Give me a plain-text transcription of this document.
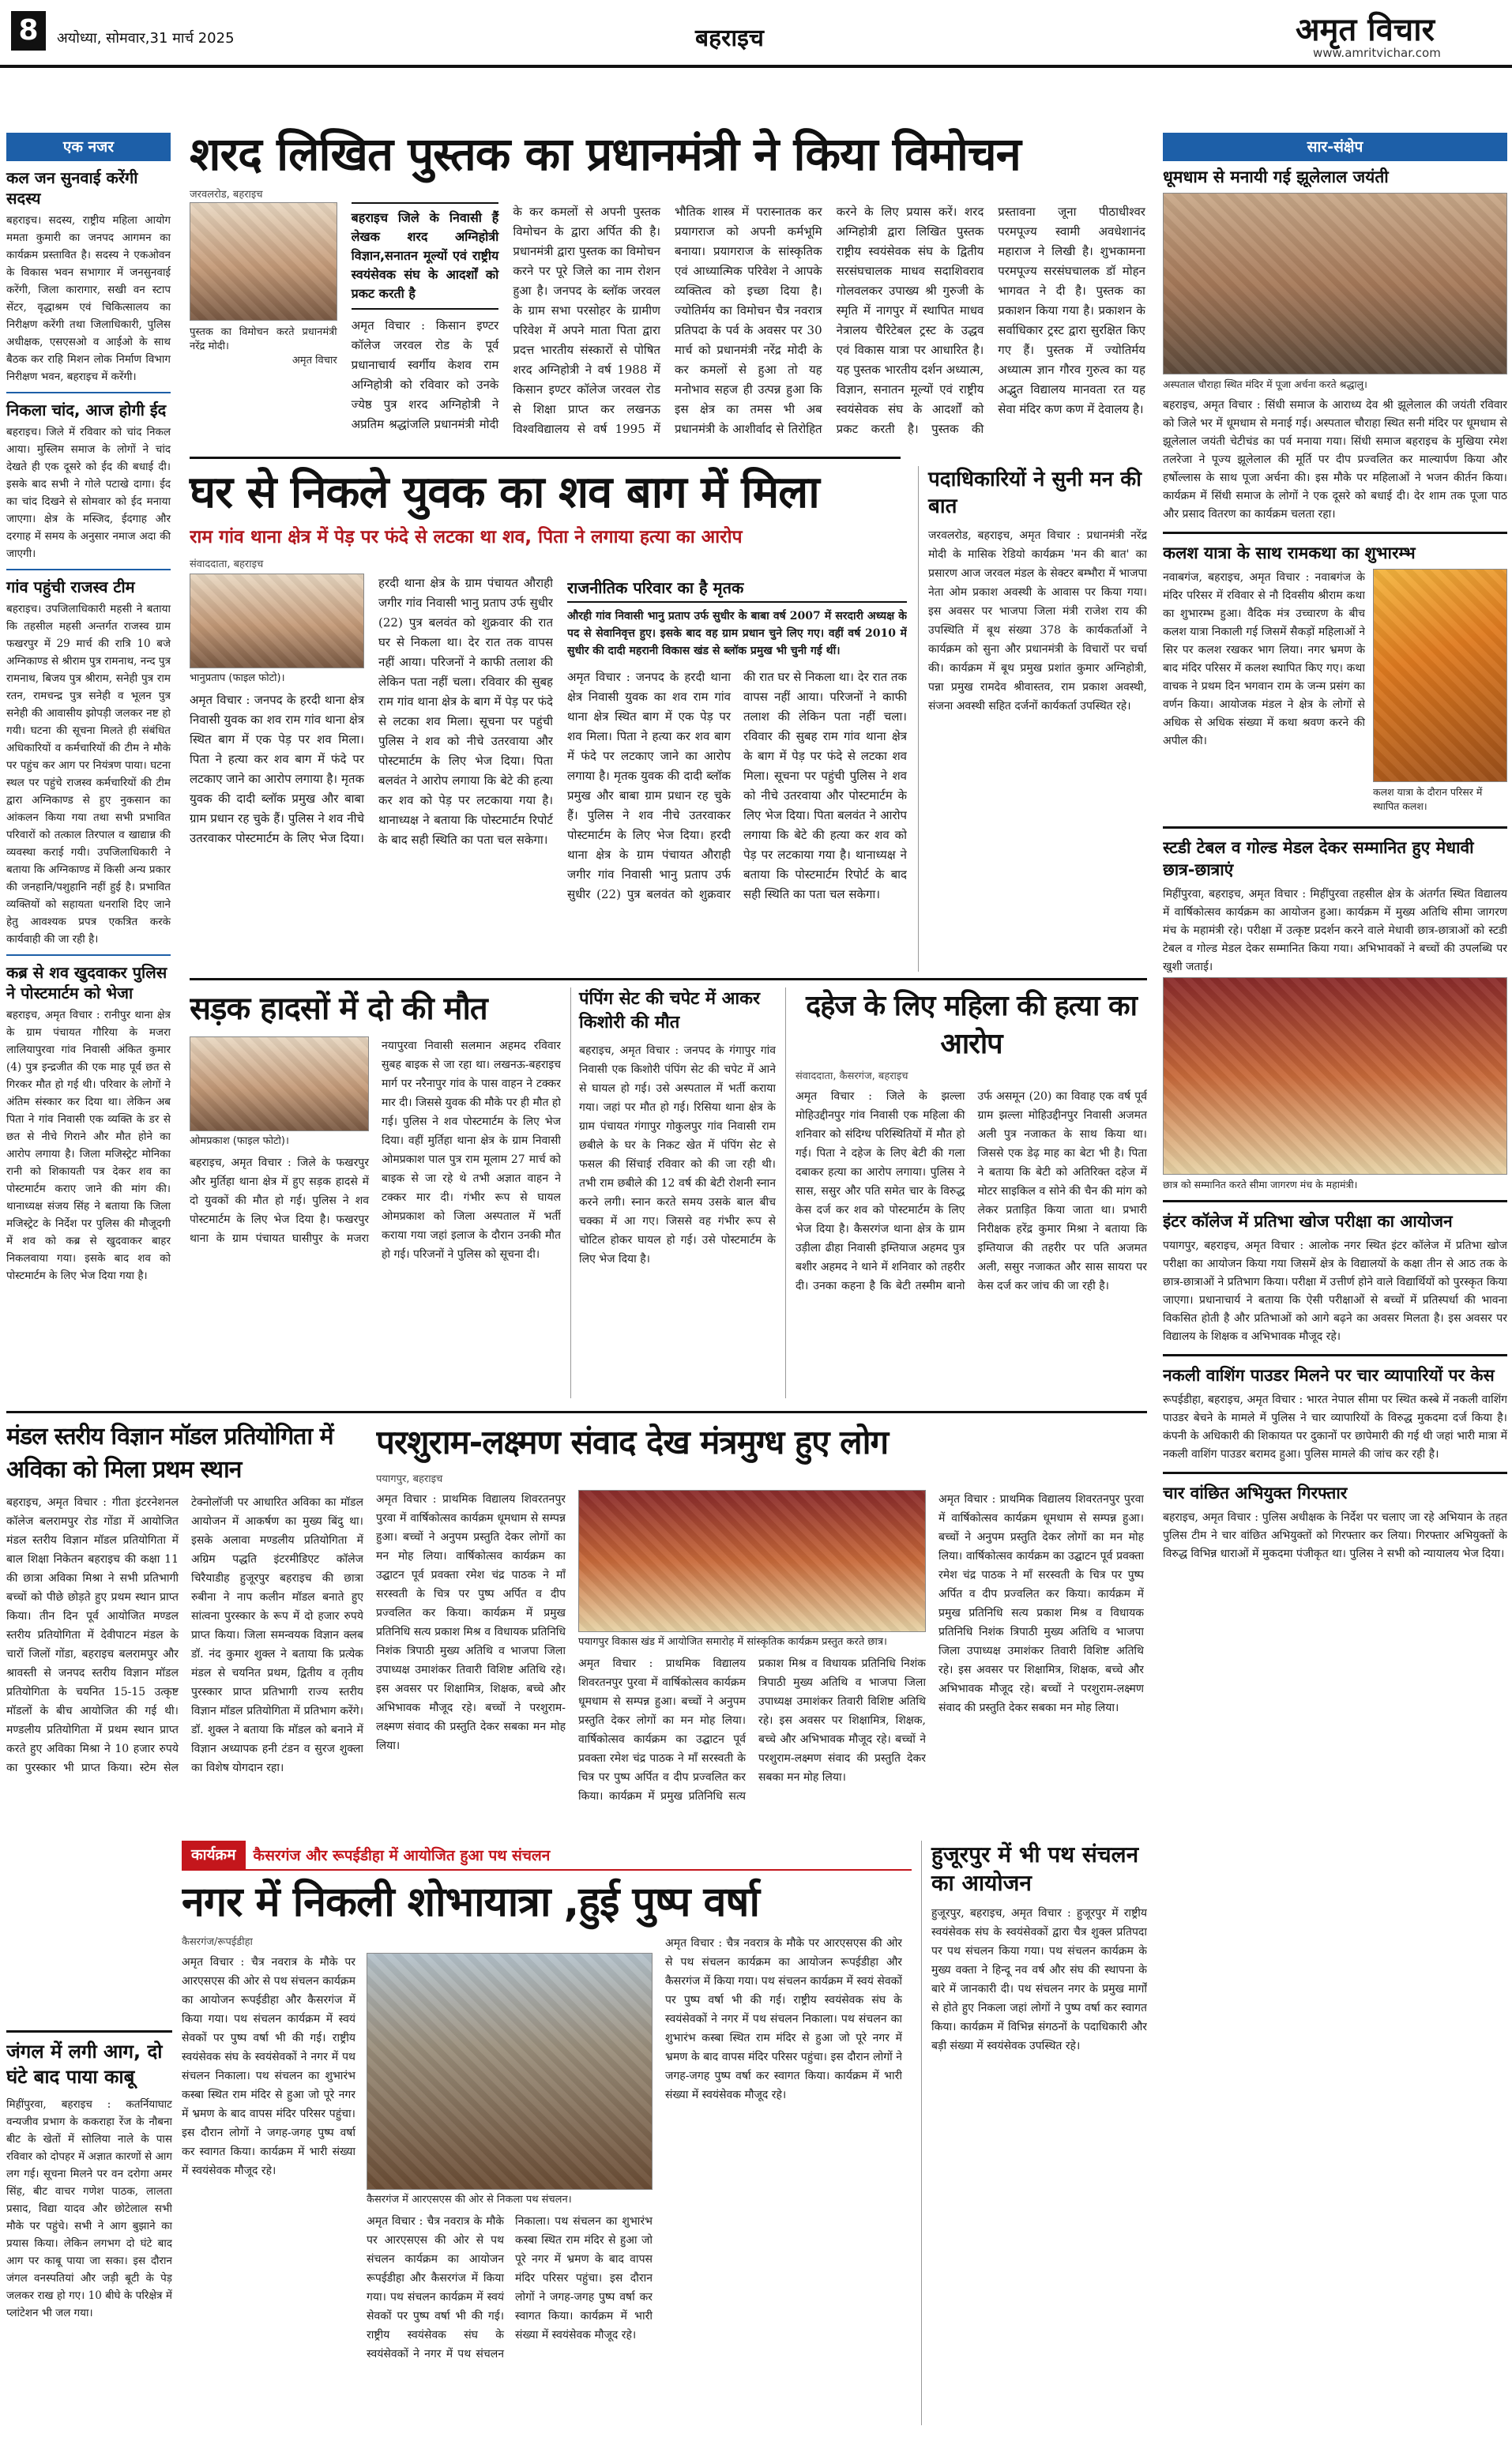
8	अयोध्या, सोमवार,31 मार्च 2025	बहराइच	अमृत विचार
www.amritvichar.com
एक नजर
कल जन सुनवाई करेंगी सदस्य
बहराइच। सदस्य, राष्ट्रीय महिला आयोग ममता कुमारी का जनपद आगमन का कार्यक्रम प्रस्तावित है। सदस्य ने एकओवन के विकास भवन सभागार में जनसुनवाई करेंगी, जिला कारागार, सखी वन स्टाप सेंटर, वृद्धाश्रम एवं चिकित्सालय का निरीक्षण करेंगी तथा जिलाधिकारी, पुलिस अधीक्षक, एसएसओ व आईओ के साथ बैठक कर राहि मिशन लोक निर्माण विभाग निरीक्षण भवन, बहराइच में करेंगी।
निकला चांद, आज होगी ईद
बहराइच। जिले में रविवार को चांद निकल आया। मुस्लिम समाज के लोगों ने चांद देखते ही एक दूसरे को ईद की बधाई दी। इसके बाद सभी ने गोले पटाखे दागा। ईद का चांद दिखने से सोमवार को ईद मनाया जाएगा। क्षेत्र के मस्जिद, ईदगाह और दरगाह में समय के अनुसार नमाज अदा की जाएगी।
गांव पहुंची राजस्व टीम
बहराइच। उपजिलाधिकारी महसी ने बताया कि तहसील महसी अन्तर्गत राजस्व ग्राम फखरपुर में 29 मार्च की रात्रि 10 बजे अग्निकाण्ड से श्रीराम पुत्र रामनाथ, नन्द पुत्र रामनाथ, बिजय पुत्र श्रीराम, सनेही पुत्र राम रतन, रामचन्द्र पुत्र सनेही व भूलन पुत्र सनेही की आवासीय झोपड़ी जलकर नष्ट हो गयी। घटना की सूचना मिलते ही संबंधित अधिकारियों व कर्मचारियों की टीम ने मौके पर पहुंच कर आग पर नियंत्रण पाया। घटना स्थल पर पहुंचे राजस्व कर्मचारियों की टीम द्वारा अग्निकाण्ड से हुए नुकसान का आंकलन किया गया तथा सभी प्रभावित परिवारों को तत्काल तिरपाल व खाद्यान्न की व्यवस्था कराई गयी। उपजिलाधिकारी ने बताया कि अग्निकाण्ड में किसी अन्य प्रकार की जनहानि/पशुहानि नहीं हुई है। प्रभावित व्यक्तियों को सहायता धनराशि दिए जाने हेतु आवश्यक प्रपत्र एकत्रित करके कार्यवाही की जा रही है।
कब्र से शव खुदवाकर पुलिस ने पोस्टमार्टम को भेजा
बहराइच, अमृत विचार : रानीपुर थाना क्षेत्र के ग्राम पंचायत गौरिया के मजरा लालियापुरवा गांव निवासी अंकित कुमार (4) पुत्र इन्द्रजीत की एक माह पूर्व छत से गिरकर मौत हो गई थी। परिवार के लोगों ने अंतिम संस्कार कर दिया था। लेकिन अब पिता ने गांव निवासी एक व्यक्ति के डर से छत से नीचे गिराने और मौत होने का आरोप लगाया है। जिला मजिस्ट्रेट मोनिका रानी को शिकायती पत्र देकर शव का पोस्टमार्टम कराए जाने की मांग की। थानाध्यक्ष संजय सिंह ने बताया कि जिला मजिस्ट्रेट के निर्देश पर पुलिस की मौजूदगी में शव को कब्र से खुदवाकर बाहर निकलवाया गया। इसके बाद शव को पोस्टमार्टम के लिए भेज दिया गया है।
शरद लिखित पुस्तक का प्रधानमंत्री ने किया विमोचन
जरवलरोड, बहराइच
पुस्तक का विमोचन करते प्रधानमंत्री नरेंद्र मोदी।
अमृत विचार
बहराइच जिले के निवासी हैं लेखक शरद अग्निहोत्री विज्ञान,सनातन मूल्यों एवं राष्ट्रीय स्वयंसेवक संघ के आदर्शों को प्रकट करती है
अमृत विचार : किसान इण्टर कॉलेज जरवल रोड के पूर्व प्रधानाचार्य स्वर्गीय केशव राम अग्निहोत्री को रविवार को उनके ज्येष्ठ पुत्र शरद अग्निहोत्री ने अप्रतिम श्रद्धांजलि प्रधानमंत्री मोदी के कर कमलों से अपनी पुस्तक विमोचन के द्वारा अर्पित की है। प्रधानमंत्री द्वारा पुस्तक का विमोचन करने पर पूरे जिले का नाम रोशन हुआ है। जनपद के ब्लॉक जरवल के ग्राम सभा परसोहर के ग्रामीण परिवेश में अपने माता पिता द्वारा प्रदत्त भारतीय संस्कारों से पोषित शरद अग्निहोत्री ने वर्ष 1988 में किसान इण्टर कॉलेज जरवल रोड से शिक्षा प्राप्त कर लखनऊ विश्वविद्यालय से वर्ष 1995 में भौतिक शास्त्र में परास्नातक कर प्रयागराज को अपनी कर्मभूमि बनाया। प्रयागराज के सांस्कृतिक एवं आध्यात्मिक परिवेश ने आपके व्यक्तित्व को इच्छा दिया है। ज्योतिर्मय का विमोचन चैत्र नवरात्र प्रतिपदा के पर्व के अवसर पर 30 मार्च को प्रधानमंत्री नरेंद्र मोदी के कर कमलों से हुआ तो यह मनोभाव सहज ही उत्पन्न हुआ कि इस क्षेत्र का तमस भी अब प्रधानमंत्री के आशीर्वाद से तिरोहित करने के लिए प्रयास करें। शरद अग्निहोत्री द्वारा लिखित पुस्तक राष्ट्रीय स्वयंसेवक संघ के द्वितीय सरसंघचालक माधव सदाशिवराव गोलवलकर उपाख्य श्री गुरुजी के स्मृति में नागपुर में स्थापित माधव नेत्रालय चैरिटेबल ट्रस्ट के उद्धव एवं विकास यात्रा पर आधारित है। यह पुस्तक भारतीय दर्शन अध्यात्म, विज्ञान, सनातन मूल्यों एवं राष्ट्रीय स्वयंसेवक संघ के आदर्शों को प्रकट करती है। पुस्तक की प्रस्तावना जूना पीठाधीश्वर परमपूज्य स्वामी अवधेशानंद महाराज ने लिखी है। शुभकामना परमपूज्य सरसंघचालक डॉ मोहन भागवत ने दी है। पुस्तक का प्रकाशन किया गया है। प्रकाशन के सर्वाधिकार ट्रस्ट द्वारा सुरक्षित किए गए हैं। पुस्तक में ज्योतिर्मय अध्यात्म ज्ञान गौरव गुरुत्व का यह अद्भुत विद्यालय मानवता रत यह सेवा मंदिर कण कण में देवालय है।
घर से निकले युवक का शव बाग में मिला
राम गांव थाना क्षेत्र में पेड़ पर फंदे से लटका था शव, पिता ने लगाया हत्या का आरोप
संवाददाता, बहराइच
भानुप्रताप (फाइल फोटो)।
अमृत विचार : जनपद के हरदी थाना क्षेत्र निवासी युवक का शव राम गांव थाना क्षेत्र स्थित बाग में एक पेड़ पर शव मिला। पिता ने हत्या कर शव बाग में फंदे पर लटकाए जाने का आरोप लगाया है। मृतक युवक की दादी ब्लॉक प्रमुख और बाबा ग्राम प्रधान रह चुके हैं। पुलिस ने शव नीचे उतरवाकर पोस्टमार्टम के लिए भेज दिया। हरदी थाना क्षेत्र के ग्राम पंचायत औराही जगीर गांव निवासी भानु प्रताप उर्फ सुधीर (22) पुत्र बलवंत को शुक्रवार की रात घर से निकला था। देर रात तक वापस नहीं आया। परिजनों ने काफी तलाश की लेकिन पता नहीं चला। रविवार की सुबह राम गांव थाना क्षेत्र के बाग में पेड़ पर फंदे से लटका शव मिला। सूचना पर पहुंची पुलिस ने शव को नीचे उतरवाया और पोस्टमार्टम के लिए भेज दिया। पिता बलवंत ने आरोप लगाया कि बेटे की हत्या कर शव को पेड़ पर लटकाया गया है। थानाध्यक्ष ने बताया कि पोस्टमार्टम रिपोर्ट के बाद सही स्थिति का पता चल सकेगा।
राजनीतिक परिवार का है मृतक
औरही गांव निवासी भानु प्रताप उर्फ सुधीर के बाबा वर्ष 2007 में सरदारी अध्यक्ष के पद से सेवानिवृत्त हुए। इसके बाद वह ग्राम प्रधान चुने लिए गए। वहीं वर्ष 2010 में सुधीर की दादी महरानी विकास खंड से ब्लॉक प्रमुख भी चुनी गई थीं।
अमृत विचार : जनपद के हरदी थाना क्षेत्र निवासी युवक का शव राम गांव थाना क्षेत्र स्थित बाग में एक पेड़ पर शव मिला। पिता ने हत्या कर शव बाग में फंदे पर लटकाए जाने का आरोप लगाया है। मृतक युवक की दादी ब्लॉक प्रमुख और बाबा ग्राम प्रधान रह चुके हैं। पुलिस ने शव नीचे उतरवाकर पोस्टमार्टम के लिए भेज दिया। हरदी थाना क्षेत्र के ग्राम पंचायत औराही जगीर गांव निवासी भानु प्रताप उर्फ सुधीर (22) पुत्र बलवंत को शुक्रवार की रात घर से निकला था। देर रात तक वापस नहीं आया। परिजनों ने काफी तलाश की लेकिन पता नहीं चला। रविवार की सुबह राम गांव थाना क्षेत्र के बाग में पेड़ पर फंदे से लटका शव मिला। सूचना पर पहुंची पुलिस ने शव को नीचे उतरवाया और पोस्टमार्टम के लिए भेज दिया। पिता बलवंत ने आरोप लगाया कि बेटे की हत्या कर शव को पेड़ पर लटकाया गया है। थानाध्यक्ष ने बताया कि पोस्टमार्टम रिपोर्ट के बाद सही स्थिति का पता चल सकेगा।
पदाधिकारियों ने सुनी मन की बात
जरवलरोड, बहराइच, अमृत विचार : प्रधानमंत्री नरेंद्र मोदी के मासिक रेडियो कार्यक्रम 'मन की बात' का प्रसारण आज जरवल मंडल के सेक्टर बम्भौरा में भाजपा नेता ओम प्रकाश अवस्थी के आवास पर किया गया। इस अवसर पर भाजपा जिला मंत्री राजेश राय की उपस्थिति में बूथ संख्या 378 के कार्यकर्ताओं ने कार्यक्रम को सुना और प्रधानमंत्री के विचारों पर चर्चा की। कार्यक्रम में बूथ प्रमुख प्रशांत कुमार अग्निहोत्री, पन्ना प्रमुख रामदेव श्रीवास्तव, राम प्रकाश अवस्थी, संजना अवस्थी सहित दर्जनों कार्यकर्ता उपस्थित रहे।
सार-संक्षेप
धूमधाम से मनायी गई झूलेलाल जयंती
अस्पताल चौराहा स्थित मंदिर में पूजा अर्चना करते श्रद्धालु।
बहराइच, अमृत विचार : सिंधी समाज के आराध्य देव श्री झूलेलाल की जयंती रविवार को जिले भर में धूमधाम से मनाई गई। अस्पताल चौराहा स्थित सनी मंदिर पर धूमधाम से झूलेलाल जयंती चेटीचंड का पर्व मनाया गया। सिंधी समाज बहराइच के मुखिया रमेश तलरेजा ने पूज्य झूलेलाल की मूर्ति पर दीप प्रज्वलित कर माल्यार्पण किया और हर्षोल्लास के साथ पूजा अर्चना की। इस मौके पर महिलाओं ने भजन कीर्तन किया। कार्यक्रम में सिंधी समाज के लोगों ने एक दूसरे को बधाई दी। देर शाम तक पूजा पाठ और प्रसाद वितरण का कार्यक्रम चलता रहा।
कलश यात्रा के साथ रामकथा का शुभारम्भ
नवाबगंज, बहराइच, अमृत विचार : नवाबगंज के मंदिर परिसर में रविवार से नौ दिवसीय श्रीराम कथा का शुभारम्भ हुआ। वैदिक मंत्र उच्चारण के बीच कलश यात्रा निकाली गई जिसमें सैकड़ों महिलाओं ने सिर पर कलश रखकर भाग लिया। नगर भ्रमण के बाद मंदिर परिसर में कलश स्थापित किए गए। कथा वाचक ने प्रथम दिन भगवान राम के जन्म प्रसंग का वर्णन किया। आयोजक मंडल ने क्षेत्र के लोगों से अधिक से अधिक संख्या में कथा श्रवण करने की अपील की।
कलश यात्रा के दौरान परिसर में स्थापित कलश।
स्टडी टेबल व गोल्ड मेडल देकर सम्मानित हुए मेधावी छात्र-छात्राएं
मिहींपुरवा, बहराइच, अमृत विचार : मिहींपुरवा तहसील क्षेत्र के अंतर्गत स्थित विद्यालय में वार्षिकोत्सव कार्यक्रम का आयोजन हुआ। कार्यक्रम में मुख्य अतिथि सीमा जागरण मंच के महामंत्री रहे। परीक्षा में उत्कृष्ट प्रदर्शन करने वाले मेधावी छात्र-छात्राओं को स्टडी टेबल व गोल्ड मेडल देकर सम्मानित किया गया। अभिभावकों ने बच्चों की उपलब्धि पर खुशी जताई।
छात्र को सम्मानित करते सीमा जागरण मंच के महामंत्री।
इंटर कॉलेज में प्रतिभा खोज परीक्षा का आयोजन
पयागपुर, बहराइच, अमृत विचार : आलोक नगर स्थित इंटर कॉलेज में प्रतिभा खोज परीक्षा का आयोजन किया गया जिसमें क्षेत्र के विद्यालयों के कक्षा तीन से आठ तक के छात्र-छात्राओं ने प्रतिभाग किया। परीक्षा में उत्तीर्ण होने वाले विद्यार्थियों को पुरस्कृत किया जाएगा। प्रधानाचार्य ने बताया कि ऐसी परीक्षाओं से बच्चों में प्रतिस्पर्धा की भावना विकसित होती है और प्रतिभाओं को आगे बढ़ने का अवसर मिलता है। इस अवसर पर विद्यालय के शिक्षक व अभिभावक मौजूद रहे।
नकली वाशिंग पाउडर मिलने पर चार व्यापारियों पर केस
रूपईडीहा, बहराइच, अमृत विचार : भारत नेपाल सीमा पर स्थित कस्बे में नकली वाशिंग पाउडर बेचने के मामले में पुलिस ने चार व्यापारियों के विरुद्ध मुकदमा दर्ज किया है। कंपनी के अधिकारी की शिकायत पर दुकानों पर छापेमारी की गई थी जहां भारी मात्रा में नकली वाशिंग पाउडर बरामद हुआ। पुलिस मामले की जांच कर रही है।
चार वांछित अभियुक्त गिरफ्तार
बहराइच, अमृत विचार : पुलिस अधीक्षक के निर्देश पर चलाए जा रहे अभियान के तहत पुलिस टीम ने चार वांछित अभियुक्तों को गिरफ्तार कर लिया। गिरफ्तार अभियुक्तों के विरुद्ध विभिन्न धाराओं में मुकदमा पंजीकृत था। पुलिस ने सभी को न्यायालय भेज दिया।
सड़क हादसों में दो की मौत
ओमप्रकाश (फाइल फोटो)।
बहराइच, अमृत विचार : जिले के फखरपुर और मुर्तिहा थाना क्षेत्र में हुए सड़क हादसे में दो युवकों की मौत हो गई। पुलिस ने शव पोस्टमार्टम के लिए भेज दिया है। फखरपुर थाना के ग्राम पंचायत घासीपुर के मजरा नयापुरवा निवासी सलमान अहमद रविवार सुबह बाइक से जा रहा था। लखनऊ-बहराइच मार्ग पर नरैनापुर गांव के पास वाहन ने टक्कर मार दी। जिससे युवक की मौके पर ही मौत हो गई। पुलिस ने शव पोस्टमार्टम के लिए भेज दिया। वहीं मुर्तिहा थाना क्षेत्र के ग्राम निवासी ओमप्रकाश पाल पुत्र राम मूलाम 27 मार्च को बाइक से जा रहे थे तभी अज्ञात वाहन ने टक्कर मार दी। गंभीर रूप से घायल ओमप्रकाश को जिला अस्पताल में भर्ती कराया गया जहां इलाज के दौरान उनकी मौत हो गई। परिजनों ने पुलिस को सूचना दी।
पंपिंग सेट की चपेट में आकर किशोरी की मौत
बहराइच, अमृत विचार : जनपद के गंगापुर गांव निवासी एक किशोरी पंपिंग सेट की चपेट में आने से घायल हो गई। उसे अस्पताल में भर्ती कराया गया। जहां पर मौत हो गई। रिसिया थाना क्षेत्र के ग्राम पंचायत गंगापुर गोकुलपुर गांव निवासी राम छबीले के घर के निकट खेत में पंपिंग सेट से फसल की सिंचाई रविवार को की जा रही थी। तभी राम छबीले की 12 वर्ष की बेटी रोशनी स्नान करने लगी। स्नान करते समय उसके बाल बीच चक्का में आ गए। जिससे वह गंभीर रूप से चोटिल होकर घायल हो गई। उसे पोस्टमार्टम के लिए भेज दिया है।
दहेज के लिए महिला की हत्या का आरोप
संवाददाता, कैसरगंज, बहराइच
अमृत विचार : जिले के झल्ला मोहिउद्दीनपुर गांव निवासी एक महिला की शनिवार को संदिग्ध परिस्थितियों में मौत हो गई। पिता ने दहेज के लिए बेटी की गला दबाकर हत्या का आरोप लगाया। पुलिस ने सास, ससुर और पति समेत चार के विरुद्ध केस दर्ज कर शव को पोस्टमार्टम के लिए भेज दिया है। कैसरगंज थाना क्षेत्र के ग्राम उड़ीला ढीहा निवासी इम्तियाज अहमद पुत्र बशीर अहमद ने थाने में शनिवार को तहरीर दी। उनका कहना है कि बेटी तस्मीम बानो उर्फ असमून (20) का विवाह एक वर्ष पूर्व ग्राम झल्ला मोहिउद्दीनपुर निवासी अजमत अली पुत्र नजाकत के साथ किया था। जिससे एक डेढ़ माह का बेटा भी है। पिता ने बताया कि बेटी को अतिरिक्त दहेज में मोटर साइकिल व सोने की चैन की मांग को लेकर प्रताड़ित किया जाता था। प्रभारी निरीक्षक हरेंद्र कुमार मिश्रा ने बताया कि इम्तियाज की तहरीर पर पति अजमत अली, ससुर नजाकत और सास सायरा पर केस दर्ज कर जांच की जा रही है।
मंडल स्तरीय विज्ञान मॉडल प्रतियोगिता में अविका को मिला प्रथम स्थान
बहराइच, अमृत विचार : गीता इंटरनेशनल कॉलेज बलरामपुर रोड गोंडा में आयोजित मंडल स्तरीय विज्ञान मॉडल प्रतियोगिता में बाल शिक्षा निकेतन बहराइच की कक्षा 11 की छात्रा अविका मिश्रा ने सभी प्रतिभागी बच्चों को पीछे छोड़ते हुए प्रथम स्थान प्राप्त किया। तीन दिन पूर्व आयोजित मण्डल स्तरीय प्रतियोगिता में देवीपाटन मंडल के चारों जिलों गोंडा, बहराइच बलरामपुर और श्रावस्ती से जनपद स्तरीय विज्ञान मॉडल प्रतियोगिता के चयनित 15-15 उत्कृष्ट मॉडलों के बीच आयोजित की गई थी। मण्डलीय प्रतियोगिता में प्रथम स्थान प्राप्त करते हुए अविका मिश्रा ने 10 हजार रुपये का पुरस्कार भी प्राप्त किया। स्टेम सेल टेक्नोलॉजी पर आधारित अविका का मॉडल आयोजन में आकर्षण का मुख्य बिंदु था। इसके अलावा मण्डलीय प्रतियोगिता में अग्रिम पद्धति इंटरमीडिएट कॉलेज चिरैयाडीह हुजूरपुर बहराइच की छात्रा रुबीना ने नाप कलीन मॉडल बनाते हुए सांत्वना पुरस्कार के रूप में दो हजार रुपये प्राप्त किया। जिला समन्वयक विज्ञान क्लब डॉ. नंद कुमार शुक्ल ने बताया कि प्रत्येक मंडल से चयनित प्रथम, द्वितीय व तृतीय पुरस्कार प्राप्त प्रतिभागी राज्य स्तरीय विज्ञान मॉडल प्रतियोगिता में प्रतिभाग करेंगे। डॉ. शुक्ल ने बताया कि मॉडल को बनाने में विज्ञान अध्यापक हनी टंडन व सुरज शुक्ला का विशेष योगदान रहा।
परशुराम-लक्ष्मण संवाद देख मंत्रमुग्ध हुए लोग
पयागपुर, बहराइच
अमृत विचार : प्राथमिक विद्यालय शिवरतनपुर पुरवा में वार्षिकोत्सव कार्यक्रम धूमधाम से सम्पन्न हुआ। बच्चों ने अनुपम प्रस्तुति देकर लोगों का मन मोह लिया। वार्षिकोत्सव कार्यक्रम का उद्घाटन पूर्व प्रवक्ता रमेश चंद्र पाठक ने माँ सरस्वती के चित्र पर पुष्प अर्पित व दीप प्रज्वलित कर किया। कार्यक्रम में प्रमुख प्रतिनिधि सत्य प्रकाश मिश्र व विधायक प्रतिनिधि निशंक त्रिपाठी मुख्य अतिथि व भाजपा जिला उपाध्यक्ष उमाशंकर तिवारी विशिष्ट अतिथि रहे। इस अवसर पर शिक्षामित्र, शिक्षक, बच्चे और अभिभावक मौजूद रहे। बच्चों ने परशुराम-लक्ष्मण संवाद की प्रस्तुति देकर सबका मन मोह लिया।
पयागपुर विकास खंड में आयोजित समारोह में सांस्कृतिक कार्यक्रम प्रस्तुत करते छात्र।
अमृत विचार : प्राथमिक विद्यालय शिवरतनपुर पुरवा में वार्षिकोत्सव कार्यक्रम धूमधाम से सम्पन्न हुआ। बच्चों ने अनुपम प्रस्तुति देकर लोगों का मन मोह लिया। वार्षिकोत्सव कार्यक्रम का उद्घाटन पूर्व प्रवक्ता रमेश चंद्र पाठक ने माँ सरस्वती के चित्र पर पुष्प अर्पित व दीप प्रज्वलित कर किया। कार्यक्रम में प्रमुख प्रतिनिधि सत्य प्रकाश मिश्र व विधायक प्रतिनिधि निशंक त्रिपाठी मुख्य अतिथि व भाजपा जिला उपाध्यक्ष उमाशंकर तिवारी विशिष्ट अतिथि रहे। इस अवसर पर शिक्षामित्र, शिक्षक, बच्चे और अभिभावक मौजूद रहे। बच्चों ने परशुराम-लक्ष्मण संवाद की प्रस्तुति देकर सबका मन मोह लिया।
अमृत विचार : प्राथमिक विद्यालय शिवरतनपुर पुरवा में वार्षिकोत्सव कार्यक्रम धूमधाम से सम्पन्न हुआ। बच्चों ने अनुपम प्रस्तुति देकर लोगों का मन मोह लिया। वार्षिकोत्सव कार्यक्रम का उद्घाटन पूर्व प्रवक्ता रमेश चंद्र पाठक ने माँ सरस्वती के चित्र पर पुष्प अर्पित व दीप प्रज्वलित कर किया। कार्यक्रम में प्रमुख प्रतिनिधि सत्य प्रकाश मिश्र व विधायक प्रतिनिधि निशंक त्रिपाठी मुख्य अतिथि व भाजपा जिला उपाध्यक्ष उमाशंकर तिवारी विशिष्ट अतिथि रहे। इस अवसर पर शिक्षामित्र, शिक्षक, बच्चे और अभिभावक मौजूद रहे। बच्चों ने परशुराम-लक्ष्मण संवाद की प्रस्तुति देकर सबका मन मोह लिया।
जंगल में लगी आग, दो घंटे बाद पाया काबू
मिहींपुरवा, बहराइच : कतर्नियाघाट वन्यजीव प्रभाग के ककराहा रेंज के नौबना बीट के खेतों में सोलिया नाले के पास रविवार को दोपहर में अज्ञात कारणों से आग लग गई। सूचना मिलने पर वन दरोगा अमर सिंह, बीट वाचर गणेश पाठक, लालता प्रसाद, विद्या यादव और छोटेलाल सभी मौके पर पहुंचे। सभी ने आग बुझाने का प्रयास किया। लेकिन लगभग दो घंटे बाद आग पर काबू पाया जा सका। इस दौरान जंगल वनस्पतियां और जड़ी बूटी के पेड़ जलकर राख हो गए। 10 बीघे के परिक्षेत्र में प्लांटेशन भी जल गया।
कार्यक्रम	कैसरगंज और रूपईडीहा में आयोजित हुआ पथ संचलन
नगर में निकली शोभायात्रा ,हुई पुष्प वर्षा
कैसरगंज/रूपईडीहा
अमृत विचार : चैत्र नवरात्र के मौके पर आरएसएस की ओर से पथ संचलन कार्यक्रम का आयोजन रूपईडीहा और कैसरगंज में किया गया। पथ संचलन कार्यक्रम में स्वयं सेवकों पर पुष्प वर्षा भी की गई। राष्ट्रीय स्वयंसेवक संघ के स्वयंसेवकों ने नगर में पथ संचलन निकाला। पथ संचलन का शुभारंभ कस्बा स्थित राम मंदिर से हुआ जो पूरे नगर में भ्रमण के बाद वापस मंदिर परिसर पहुंचा। इस दौरान लोगों ने जगह-जगह पुष्प वर्षा कर स्वागत किया। कार्यक्रम में भारी संख्या में स्वयंसेवक मौजूद रहे।
कैसरगंज में आरएसएस की ओर से निकला पथ संचलन।
अमृत विचार : चैत्र नवरात्र के मौके पर आरएसएस की ओर से पथ संचलन कार्यक्रम का आयोजन रूपईडीहा और कैसरगंज में किया गया। पथ संचलन कार्यक्रम में स्वयं सेवकों पर पुष्प वर्षा भी की गई। राष्ट्रीय स्वयंसेवक संघ के स्वयंसेवकों ने नगर में पथ संचलन निकाला। पथ संचलन का शुभारंभ कस्बा स्थित राम मंदिर से हुआ जो पूरे नगर में भ्रमण के बाद वापस मंदिर परिसर पहुंचा। इस दौरान लोगों ने जगह-जगह पुष्प वर्षा कर स्वागत किया। कार्यक्रम में भारी संख्या में स्वयंसेवक मौजूद रहे।
अमृत विचार : चैत्र नवरात्र के मौके पर आरएसएस की ओर से पथ संचलन कार्यक्रम का आयोजन रूपईडीहा और कैसरगंज में किया गया। पथ संचलन कार्यक्रम में स्वयं सेवकों पर पुष्प वर्षा भी की गई। राष्ट्रीय स्वयंसेवक संघ के स्वयंसेवकों ने नगर में पथ संचलन निकाला। पथ संचलन का शुभारंभ कस्बा स्थित राम मंदिर से हुआ जो पूरे नगर में भ्रमण के बाद वापस मंदिर परिसर पहुंचा। इस दौरान लोगों ने जगह-जगह पुष्प वर्षा कर स्वागत किया। कार्यक्रम में भारी संख्या में स्वयंसेवक मौजूद रहे।
हुजूरपुर में भी पथ संचलन का आयोजन
हुजूरपुर, बहराइच, अमृत विचार : हुजूरपुर में राष्ट्रीय स्वयंसेवक संघ के स्वयंसेवकों द्वारा चैत्र शुक्ल प्रतिपदा पर पथ संचलन किया गया। पथ संचलन कार्यक्रम के मुख्य वक्ता ने हिन्दू नव वर्ष और संघ की स्थापना के बारे में जानकारी दी। पथ संचलन नगर के प्रमुख मार्गों से होते हुए निकला जहां लोगों ने पुष्प वर्षा कर स्वागत किया। कार्यक्रम में विभिन्न संगठनों के पदाधिकारी और बड़ी संख्या में स्वयंसेवक उपस्थित रहे।
